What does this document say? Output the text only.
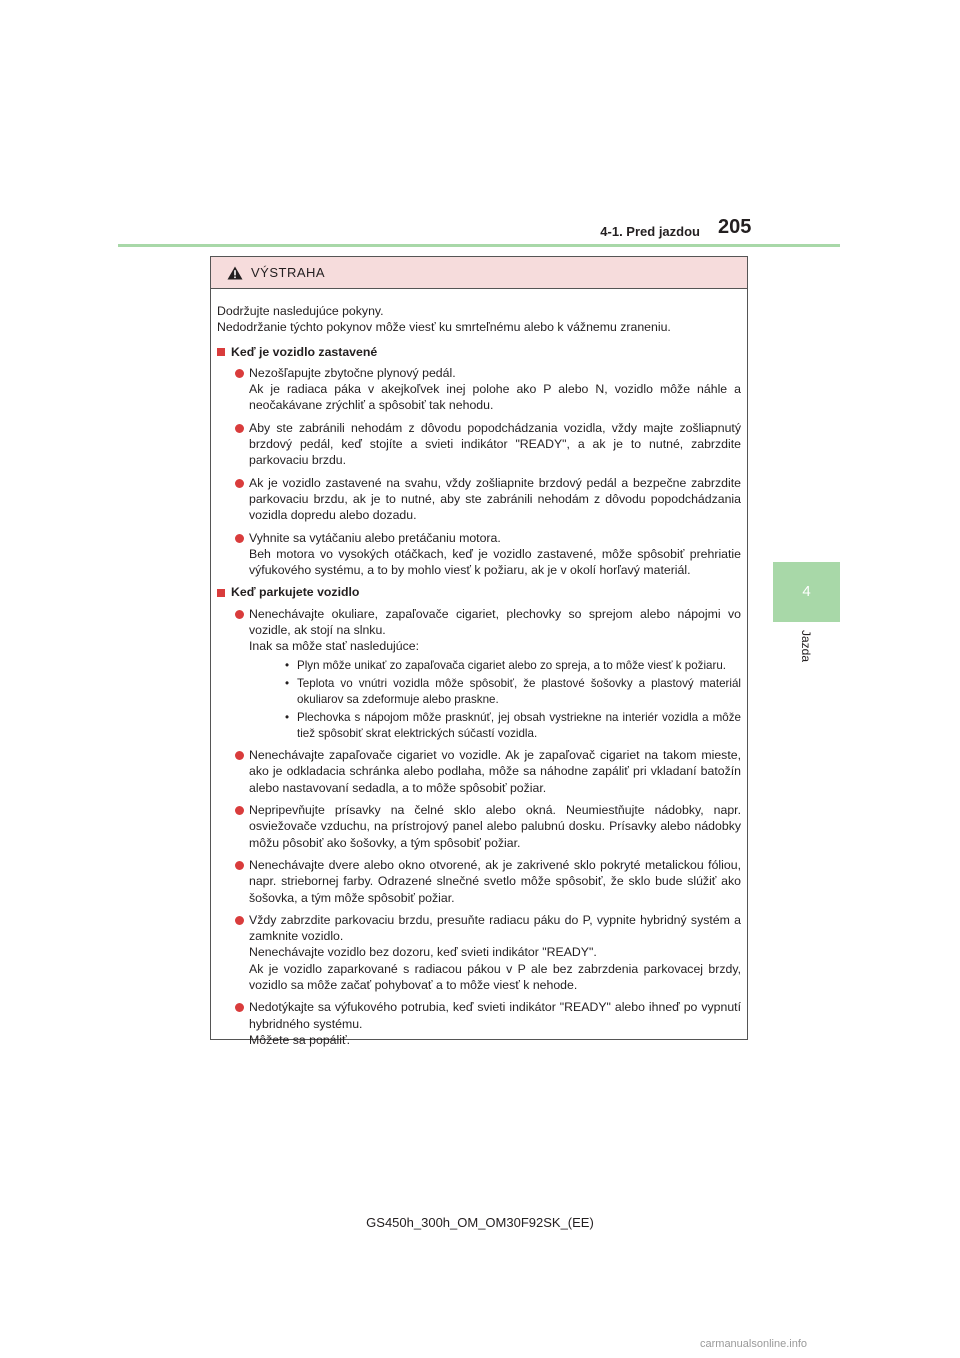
4-1. Pred jazdou 205
4
Jazda
VÝSTRAHA
Dodržujte nasledujúce pokyny.
Nedodržanie týchto pokynov môže viesť ku smrteľnému alebo k vážnemu zraneniu.
Keď je vozidlo zastavené
Nezošľapujte zbytočne plynový pedál.
Ak je radiaca páka v akejkoľvek inej polohe ako P alebo N, vozidlo môže náhle a neočakávane zrýchliť a spôsobiť tak nehodu.
Aby ste zabránili nehodám z dôvodu popodchádzania vozidla, vždy majte zošliapnutý brzdový pedál, keď stojíte a svieti indikátor "READY", a ak je to nutné, zabrzdite parkovaciu brzdu.
Ak je vozidlo zastavené na svahu, vždy zošliapnite brzdový pedál a bezpečne zabrzdite parkovaciu brzdu, ak je to nutné, aby ste zabránili nehodám z dôvodu popodchádzania vozidla dopredu alebo dozadu.
Vyhnite sa vytáčaniu alebo pretáčaniu motora.
Beh motora vo vysokých otáčkach, keď je vozidlo zastavené, môže spôsobiť prehriatie výfukového systému, a to by mohlo viesť k požiaru, ak je v okolí horľavý materiál.
Keď parkujete vozidlo
Nenechávajte okuliare, zapaľovače cigariet, plechovky so sprejom alebo nápojmi vo vozidle, ak stojí na slnku.
Inak sa môže stať nasledujúce:
• Plyn môže unikať zo zapaľovača cigariet alebo zo spreja, a to môže viesť k požiaru.
• Teplota vo vnútri vozidla môže spôsobiť, že plastové šošovky a plastový materiál okuliarov sa zdeformuje alebo praskne.
• Plechovka s nápojom môže prasknúť, jej obsah vystriekne na interiér vozidla a môže tiež spôsobiť skrat elektrických súčastí vozidla.
Nenechávajte zapaľovače cigariet vo vozidle. Ak je zapaľovač cigariet na takom mieste, ako je odkladacia schránka alebo podlaha, môže sa náhodne zapáliť pri vkladaní batožín alebo nastavovaní sedadla, a to môže spôsobiť požiar.
Nepripevňujte prísavky na čelné sklo alebo okná. Neumiestňujte nádobky, napr. osviežovače vzduchu, na prístrojový panel alebo palubnú dosku. Prísavky alebo nádobky môžu pôsobiť ako šošovky, a tým spôsobiť požiar.
Nenechávajte dvere alebo okno otvorené, ak je zakrivené sklo pokryté metalickou fóliou, napr. striebornej farby. Odrazené slnečné svetlo môže spôsobiť, že sklo bude slúžiť ako šošovka, a tým môže spôsobiť požiar.
Vždy zabrzdite parkovaciu brzdu, presuňte radiacu páku do P, vypnite hybridný systém a zamknite vozidlo.
Nenechávajte vozidlo bez dozoru, keď svieti indikátor "READY".
Ak je vozidlo zaparkované s radiacou pákou v P ale bez zabrzdenia parkovacej brzdy, vozidlo sa môže začať pohybovať a to môže viesť k nehode.
Nedotýkajte sa výfukového potrubia, keď svieti indikátor "READY" alebo ihneď po vypnutí hybridného systému.
Môžete sa popáliť.
GS450h_300h_OM_OM30F92SK_(EE)
carmanualsonline.info
